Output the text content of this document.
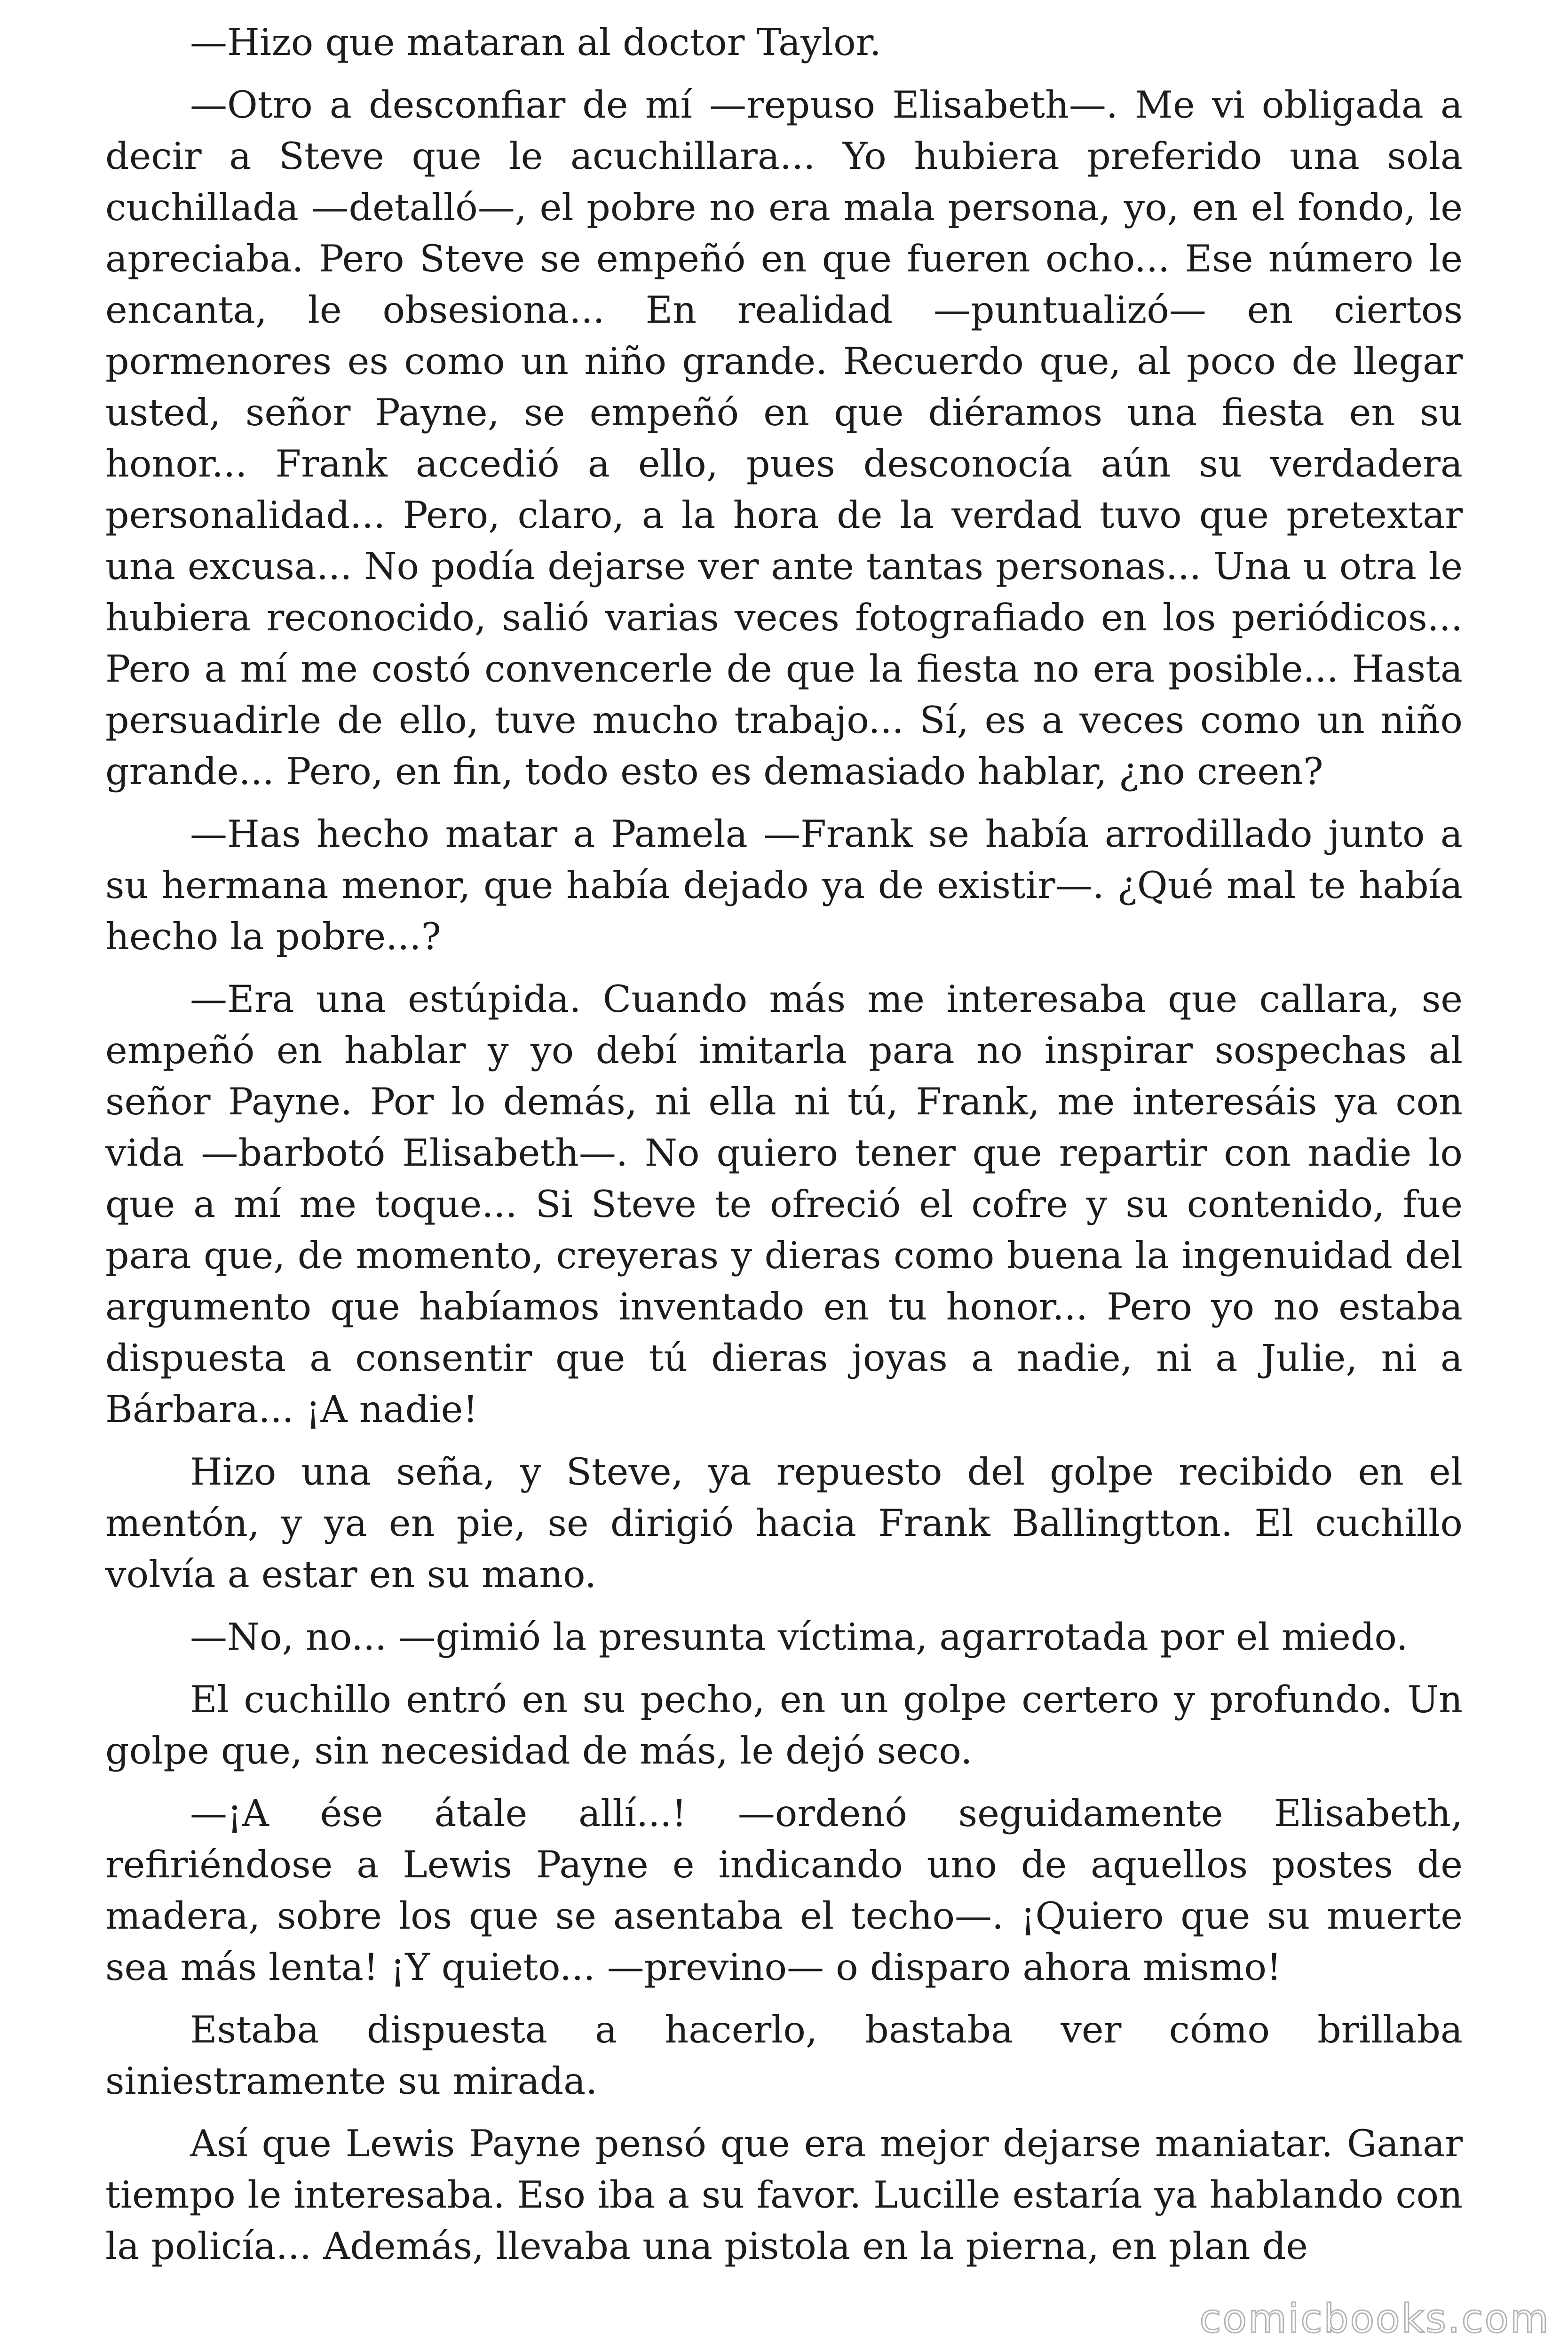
—Hizo que mataran al doctor Taylor.

—Otro a desconfiar de mí —repuso Elisabeth—. Me vi obligada a decir a Steve que le acuchillara... Yo hubiera preferido una sola cuchillada —detalló—, el pobre no era mala persona, yo, en el fondo, le apreciaba. Pero Steve se empeñó en que fueren ocho... Ese número le encanta, le obsesiona... En realidad —puntualizó— en ciertos pormenores es como un niño grande. Recuerdo que, al poco de llegar usted, señor Payne, se empeñó en que diéramos una fiesta en su honor... Frank accedió a ello, pues desconocía aún su verdadera personalidad... Pero, claro, a la hora de la verdad tuvo que pretextar una excusa... No podía dejarse ver ante tantas personas... Una u otra le hubiera reconocido, salió varias veces fotografiado en los periódicos... Pero a mí me costó convencerle de que la fiesta no era posible... Hasta persuadirle de ello, tuve mucho trabajo... Sí, es a veces como un niño grande... Pero, en fin, todo esto es demasiado hablar, ¿no creen?

—Has hecho matar a Pamela —Frank se había arrodillado junto a su hermana menor, que había dejado ya de existir—. ¿Qué mal te había hecho la pobre...?

—Era una estúpida. Cuando más me interesaba que callara, se empeñó en hablar y yo debí imitarla para no inspirar sospechas al señor Payne. Por lo demás, ni ella ni tú, Frank, me interesáis ya con vida —barbotó Elisabeth—. No quiero tener que repartir con nadie lo que a mí me toque... Si Steve te ofreció el cofre y su contenido, fue para que, de momento, creyeras y dieras como buena la ingenuidad del argumento que habíamos inventado en tu honor... Pero yo no estaba dispuesta a consentir que tú dieras joyas a nadie, ni a Julie, ni a Bárbara... ¡A nadie!

Hizo una seña, y Steve, ya repuesto del golpe recibido en el mentón, y ya en pie, se dirigió hacia Frank Ballingtton. El cuchillo volvía a estar en su mano.

—No, no... —gimió la presunta víctima, agarrotada por el miedo.

El cuchillo entró en su pecho, en un golpe certero y profundo. Un golpe que, sin necesidad de más, le dejó seco.

—¡A ése átale allí...! —ordenó seguidamente Elisabeth, refiriéndose a Lewis Payne e indicando uno de aquellos postes de madera, sobre los que se asentaba el techo—. ¡Quiero que su muerte sea más lenta! ¡Y quieto... —previno— o disparo ahora mismo!

Estaba dispuesta a hacerlo, bastaba ver cómo brillaba siniestramente su mirada.

Así que Lewis Payne pensó que era mejor dejarse maniatar. Ganar tiempo le interesaba. Eso iba a su favor. Lucille estaría ya hablando con la policía... Además, llevaba una pistola en la pierna, en plan de

comicbooks.com
